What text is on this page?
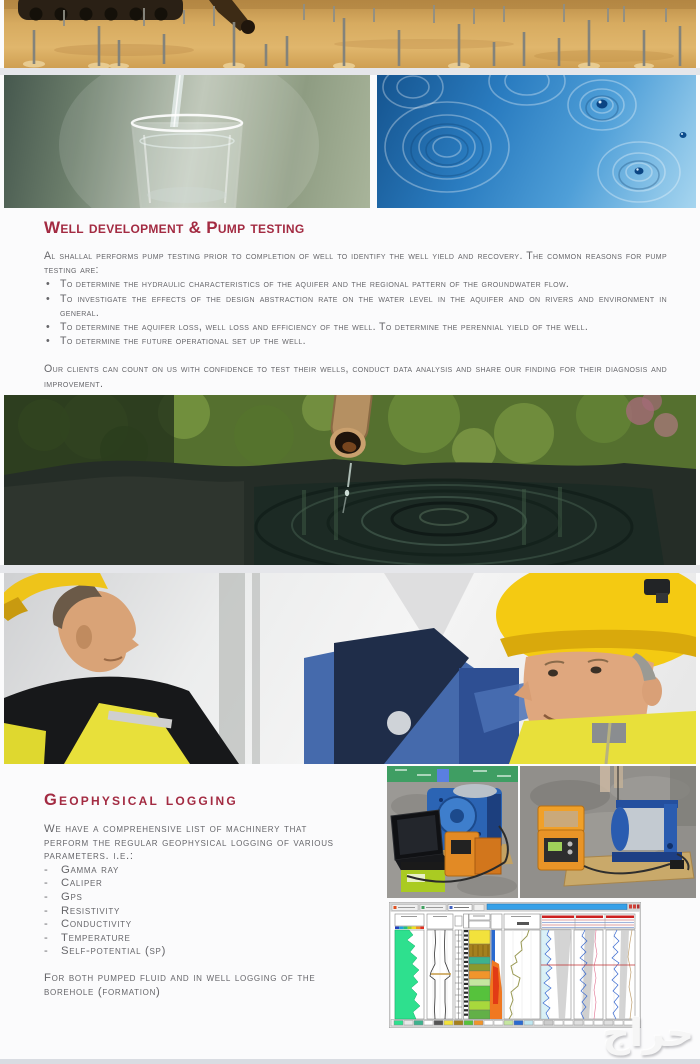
Well development & Pump testing

Al shallal performs pump testing prior to completion of well to identify the well yield and recovery. The common reasons for pump testing are:

• To determine the hydraulic characteristics of the aquifer and the regional pattern of the groundwater flow.
• To investigate the effects of the design abstraction rate on the water level in the aquifer and on rivers and environment in general.
• To determine the aquifer loss, well loss and efficiency of the well. To determine the perennial yield of the well.
• To determine the future operational set up the well.

Our clients can count on us with confidence to test their wells, conduct data analysis and share our finding for their diagnosis and improvement.

Geophysical logging

We have a comprehensive list of machinery that perform the regular geophysical logging of various parameters. i.e.:

- Gamma ray
- Caliper
- Gps
- Resistivity
- Conductivity
- Temperature
- Self-potential (sp)

For both pumped fluid and in well logging of the borehole (formation)

حراج
